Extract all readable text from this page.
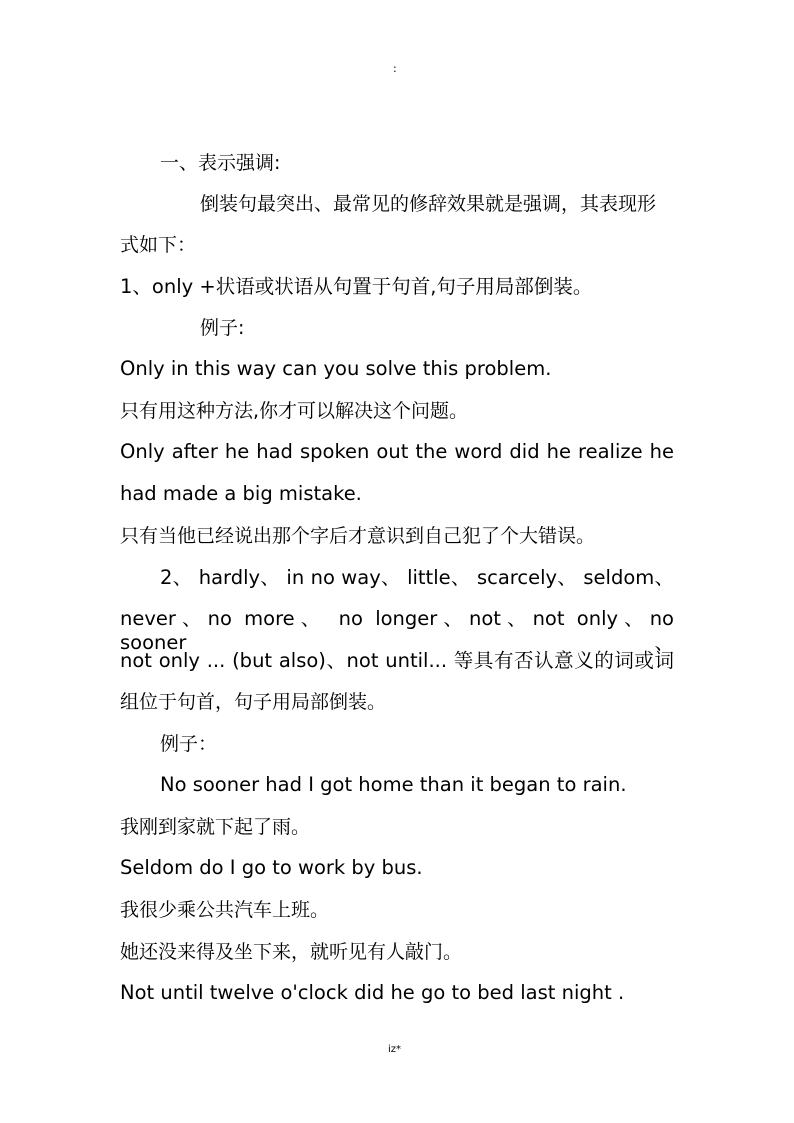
:
一、表示强调:
倒装句最突出、最常见的修辞效果就是强调，其表现形
式如下：
1、only +状语或状语从句置于句首,句子用局部倒装。
例子:
Only in this way can you solve this problem.
只有用这种方法,你才可以解决这个问题。
Only after he had spoken out the word did he realize he
had made a big mistake.
只有当他已经说出那个字后才意识到自己犯了个大错误。
2、 hardly、 in no way、 little、 scarcely、 seldom、
never、no more、 no longer、not、not only、no sooner、
not only ... (but also)、not until... 等具有否认意义的词或词
组位于句首，句子用局部倒装。
例子：
No sooner had I got home than it began to rain.
我刚到家就下起了雨。
Seldom do I go to work by bus.
我很少乘公共汽车上班。
她还没来得及坐下来，就听见有人敲门。
Not until twelve o'clock did he go to bed last night .
iz*
